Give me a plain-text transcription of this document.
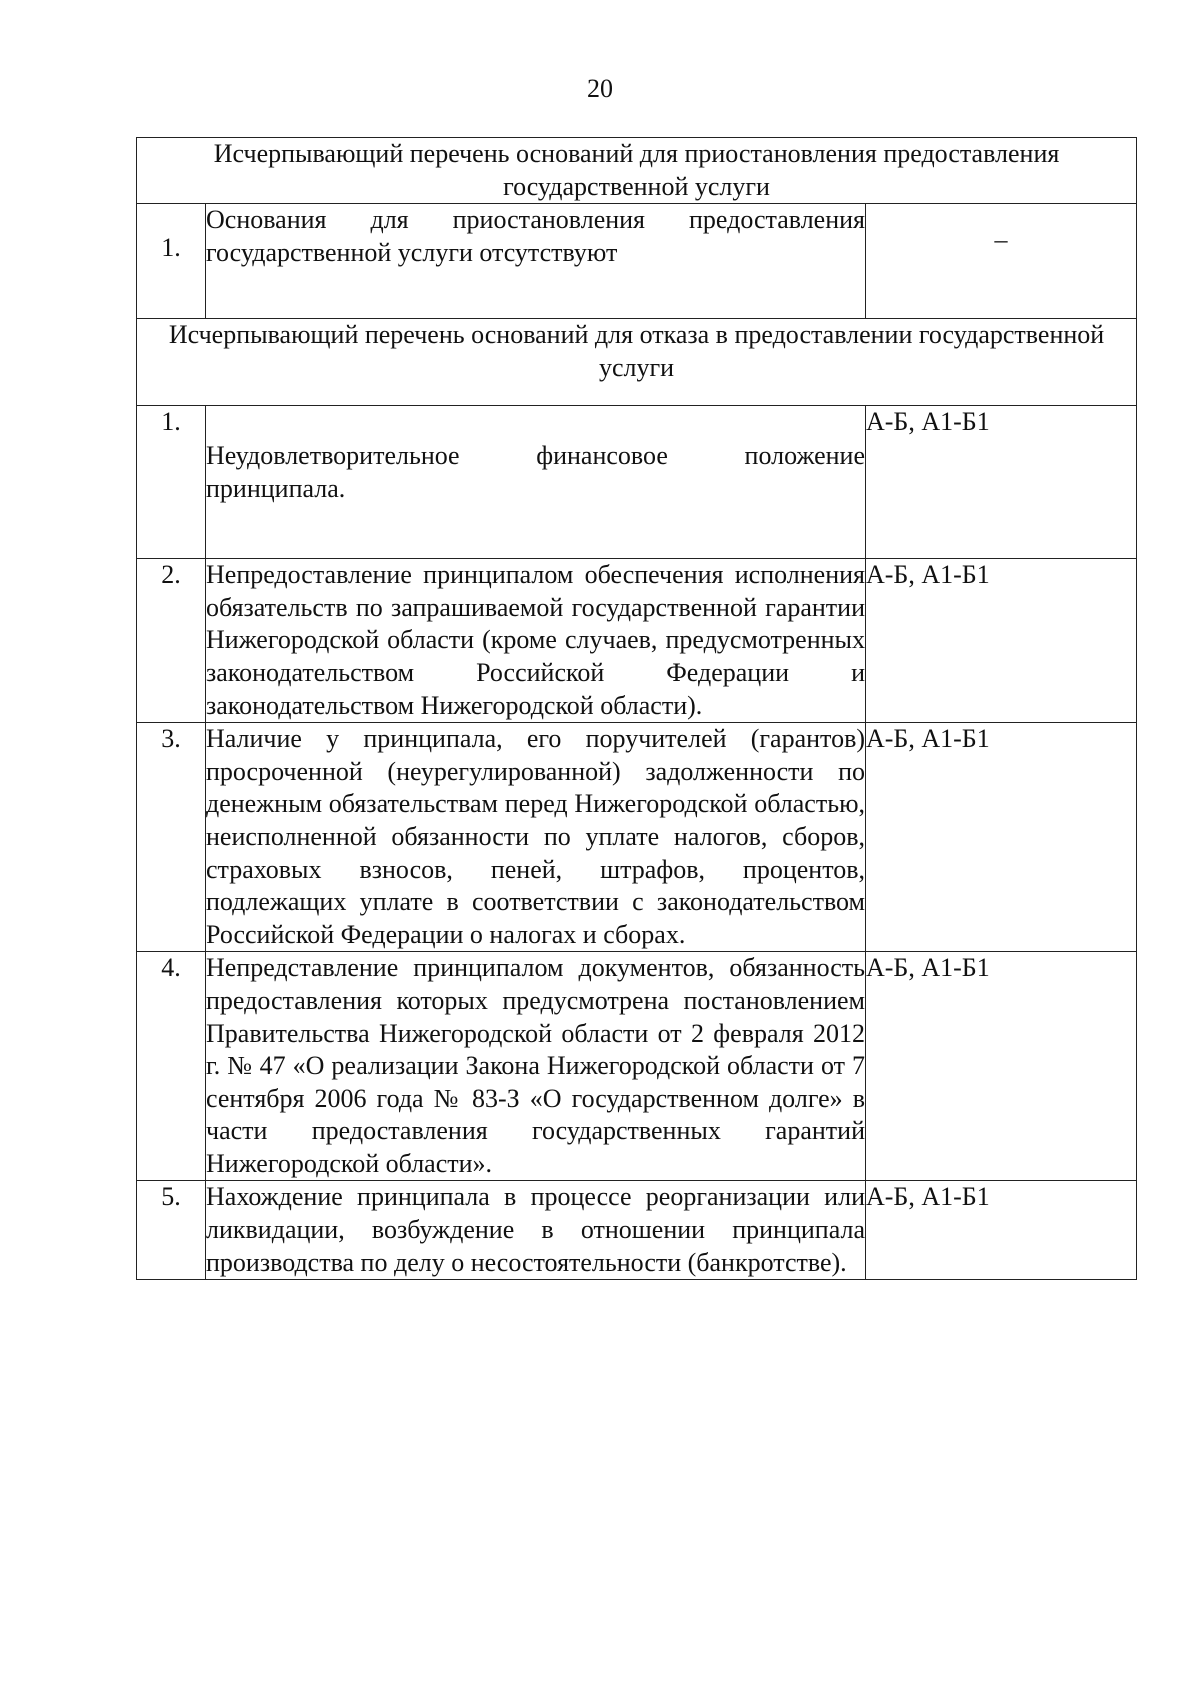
20
Исчерпывающий перечень оснований для приостановления предоставления государственной услуги		
1.	Основания для приостановления предоставления государственной услуги отсутствуют	–
Исчерпывающий перечень оснований для отказа в предоставлении государственной услуги		
1.	Неудовлетворительное финансовое положение принципала.	А-Б, А1-Б1
2.	Непредоставление принципалом обеспечения исполнения обязательств по запрашиваемой государственной гарантии Нижегородской области (кроме случаев, предусмотренных законодательством Российской Федерации и законодательством Нижегородской области).	А-Б, А1-Б1
3.	Наличие у принципала, его поручителей (гарантов) просроченной (неурегулированной) задолженности по денежным обязательствам перед Нижегородской областью, неисполненной обязанности по уплате налогов, сборов, страховых взносов, пеней, штрафов, процентов, подлежащих уплате в соответствии с законодательством Российской Федерации о налогах и сборах.	А-Б, А1-Б1
4.	Непредставление принципалом документов, обязанность предоставления которых предусмотрена постановлением Правительства Нижегородской области от 2 февраля 2012 г. № 47 «О реализации Закона Нижегородской области от 7 сентября 2006 года № 83-З «О государственном долге» в части предоставления государственных гарантий Нижегородской области».	А-Б, А1-Б1
5.	Нахождение принципала в процессе реорганизации или ликвидации, возбуждение в отношении принципала производства по делу о несостоятельности (банкротстве).	А-Б, А1-Б1
